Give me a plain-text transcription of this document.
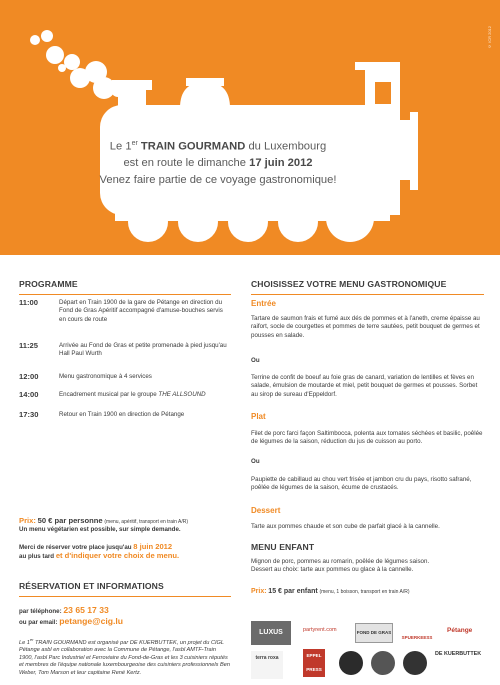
© ICR 2012
Le 1er TRAIN GOURMAND du Luxembourg
est en route le dimanche 17 juin 2012
Venez faire partie de ce voyage gastronomique!
PROGRAMME
11:00	Départ en Train 1900 de la gare de Pétange en direction du Fond de Gras Apéritif accompagné d'amuse-bouches servis en cours de route
11:25	Arrivée au Fond de Gras et petite promenade à pied jusqu'au Hall Paul Wurth
12:00	Menu gastronomique à 4 services
14:00	Encadrement musical par le groupe THE ALLSOUND
17:30	Retour en Train 1900 en direction de Pétange
Prix: 50 € par personne (menu, apéritif, transport en train A/R)
Un menu végétarien est possible, sur simple demande.
Merci de réserver votre place jusqu'au 8 juin 2012
au plus tard et d'indiquer votre choix de menu.
RÉSERVATION ET INFORMATIONS
par téléphone: 23 65 17 33
ou par email: petange@cig.lu
Le 1er TRAIN GOURMAND est organisé par DE KUERBUTTEK, un projet du CIGL Pétange asbl en collaboration avec la Commune de Pétange, l'asbl AMTF-Train 1900, l'asbl Parc Industriel et Ferroviaire du Fond-de-Gras et les 3 cuisiniers réputés et membres de l'équipe nationale luxembourgeoise des cuisiniers professionnels Ben Weber, Tom Marson et leur capitaine René Kertz.
CHOISISSEZ VOTRE MENU GASTRONOMIQUE
Entrée
Tartare de saumon frais et fumé aux dés de pommes et à l'aneth, creme épaisse au raifort, socle de courgettes et pommes de terre sautées, petit bouquet de germes et pousses en salade.
Ou
Terrine de confit de boeuf au foie gras de canard, variation de lentilles et fèves en salade, émulsion de moutarde et miel, petit bouquet de germes et pousses. Sorbet au sirop de sureau d'Eppeldorf.
Plat
Filet de porc farci façon Saltimbocca, polenta aux tomates séchées et basilic, poêlée de légumes de la saison, réduction du jus de cuisson au porto.
Ou
Paupiette de cabillaud au chou vert frisée et jambon cru du pays, risotto safrané, poêlée de légumes de la saison, écume de crustacés.
Dessert
Tarte aux pommes chaude et son cube de parfait glacé à la cannelle.
MENU ENFANT
Mignon de porc, pommes au romarin, poêlée de légumes saison.
Dessert au choix: tarte aux pommes ou glace à la cannelle.
Prix: 15 € par enfant (menu, 1 boisson, transport en train A/R)
LUXUS	partyrent.com	FOND DE GRAS
SPUERKEESS
Pétange
terra roxa	EPPEL PRESS
DE KUERBUTTEK
